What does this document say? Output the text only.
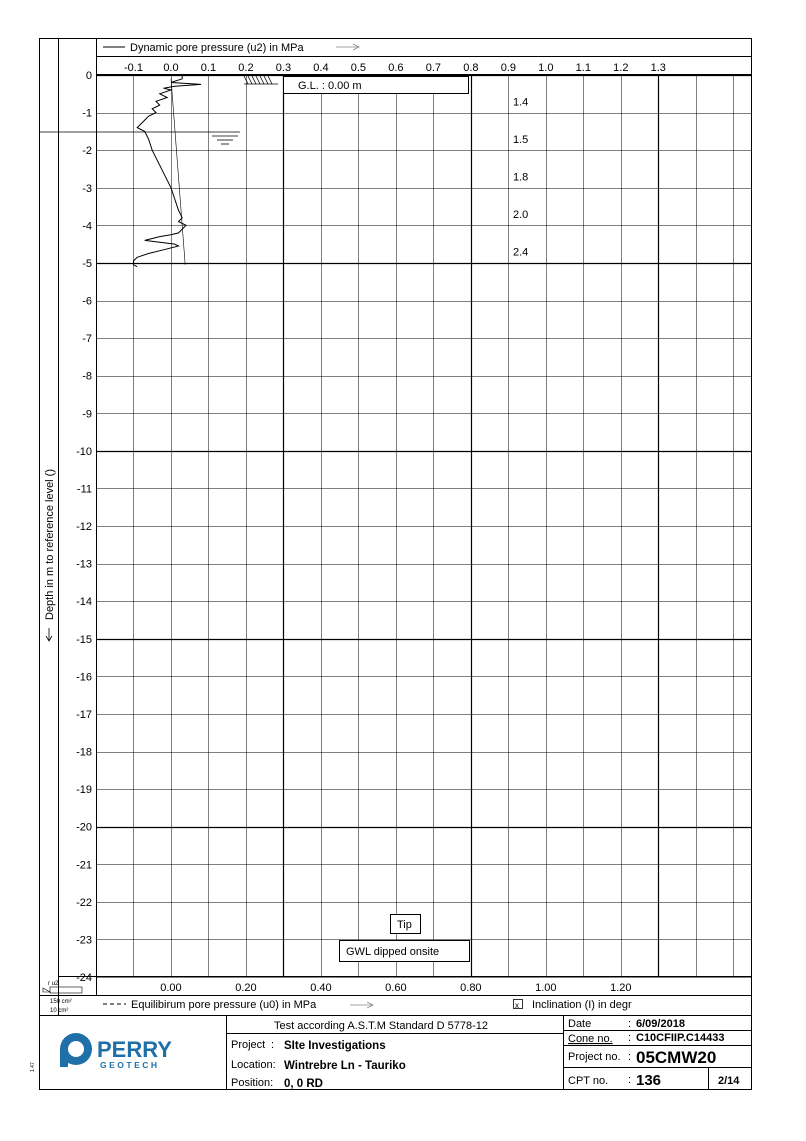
0
-1
-2
-3
-4
-5
-6
-7
-8
-9
-10
-11
-12
-13
-14
-15
-16
-17
-18
-19
-20
-21
-22
-23
-24
-0.1 0.0 0.1 0.2 0.3 0.4 0.5 0.6 0.7 0.8 0.9 1.0 1.1 1.2 1.3
0.00	0.20	0.40	0.60	0.80	1.00	1.20
1.4
1.5
1.8
2.0
2.4
Dynamic pore pressure (u2) in MPa
Equilibirum pore pressure (u0) in MPa	x Inclination (I) in degr
Depth in m to reference level ()
G.L. : 0.00 m
Tip
GWL dipped onsite
r u2
150 cm²
10 cm²
1.47
PERRY
GEOTECH
Test according A.S.T.M Standard D 5778-12
Project : SIte Investigations
Location: Wintrebre Ln - Tauriko
Position: 0, 0 RD
Date	: 6/09/2018
Cone no. : C10CFIIP.C14433
Project no. : 05CMW20
CPT no. : 136	2/14
